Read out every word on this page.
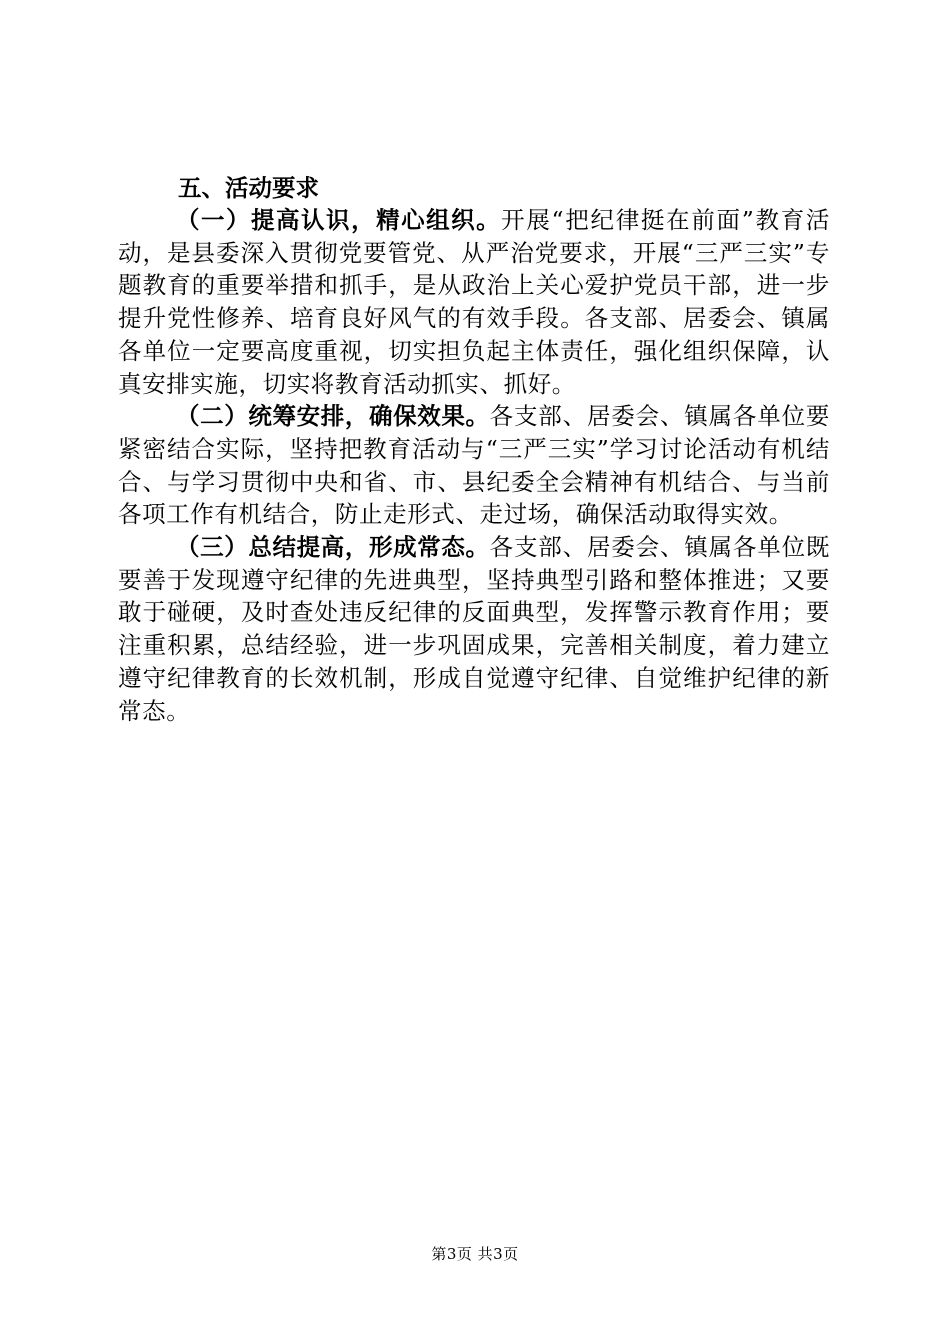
五、活动要求

（一）提高认识，精心组织。开展“把纪律挺在前面”教育活动，是县委深入贯彻党要管党、从严治党要求，开展“三严三实”专题教育的重要举措和抓手，是从政治上关心爱护党员干部，进一步提升党性修养、培育良好风气的有效手段。各支部、居委会、镇属各单位一定要高度重视，切实担负起主体责任，强化组织保障，认真安排实施，切实将教育活动抓实、抓好。

（二）统筹安排，确保效果。各支部、居委会、镇属各单位要紧密结合实际，坚持把教育活动与“三严三实”学习讨论活动有机结合、与学习贯彻中央和省、市、县纪委全会精神有机结合、与当前各项工作有机结合，防止走形式、走过场，确保活动取得实效。

（三）总结提高，形成常态。各支部、居委会、镇属各单位既要善于发现遵守纪律的先进典型，坚持典型引路和整体推进；又要敢于碰硬，及时查处违反纪律的反面典型，发挥警示教育作用；要注重积累，总结经验，进一步巩固成果，完善相关制度，着力建立遵守纪律教育的长效机制，形成自觉遵守纪律、自觉维护纪律的新常态。

第3页 共3页
